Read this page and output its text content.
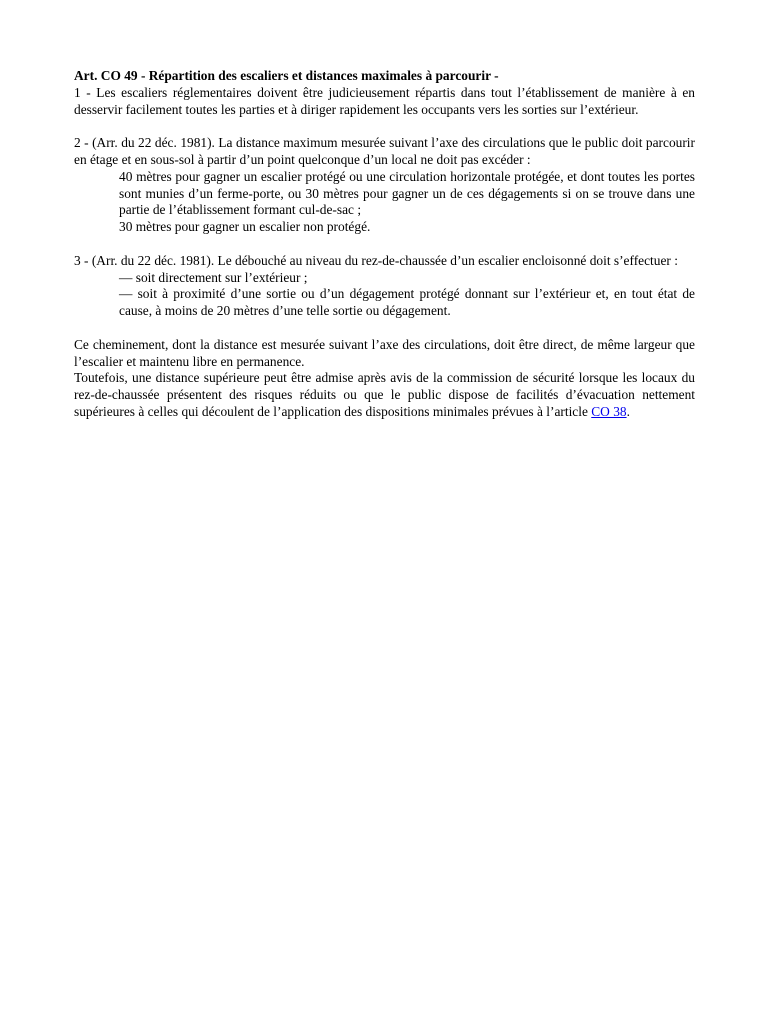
Art. CO 49 - Répartition des escaliers et distances maximales à parcourir -

1 - Les escaliers réglementaires doivent être judicieusement répartis dans tout l’établissement de manière à en desservir facilement toutes les parties et à diriger rapidement les occupants vers les sorties sur l’extérieur.

2 - (Arr. du 22 déc. 1981). La distance maximum mesurée suivant l’axe des circulations que le public doit parcourir en étage et en sous-sol à partir d’un point quelconque d’un local ne doit pas excéder :

40 mètres pour gagner un escalier protégé ou une circulation horizontale protégée, et dont toutes les portes sont munies d’un ferme-porte, ou 30 mètres pour gagner un de ces dégagements si on se trouve dans une partie de l’établissement formant cul-de-sac ;

30 mètres pour gagner un escalier non protégé.

3 - (Arr. du 22 déc. 1981). Le débouché au niveau du rez-de-chaussée d’un escalier encloisonné doit s’effectuer :

— soit directement sur l’extérieur ;

— soit à proximité d’une sortie ou d’un dégagement protégé donnant sur l’extérieur et, en tout état de cause, à moins de 20 mètres d’une telle sortie ou dégagement.

Ce cheminement, dont la distance est mesurée suivant l’axe des circulations, doit être direct, de même largeur que l’escalier et maintenu libre en permanence.

Toutefois, une distance supérieure peut être admise après avis de la commission de sécurité lorsque les locaux du rez-de-chaussée présentent des risques réduits ou que le public dispose de facilités d’évacuation nettement supérieures à celles qui découlent de l’application des dispositions minimales prévues à l’article CO 38.
